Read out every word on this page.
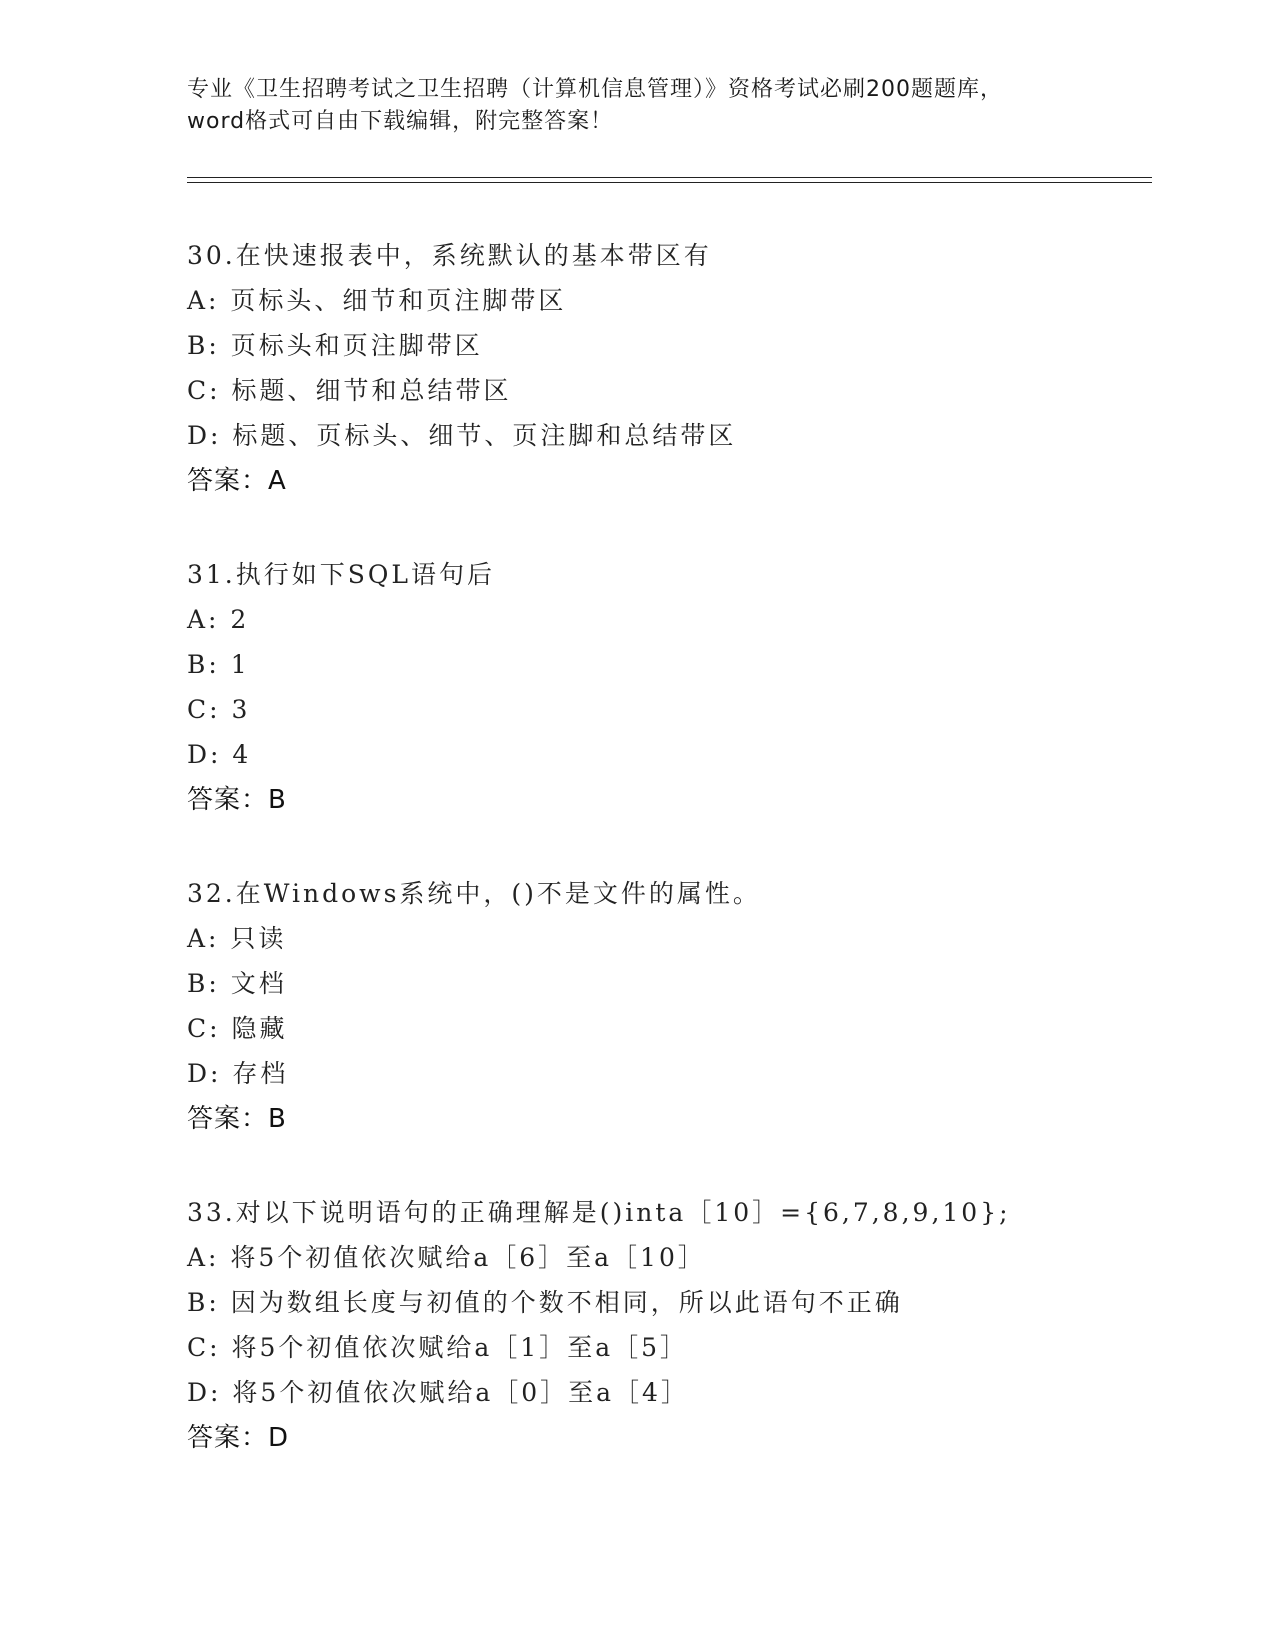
专业《卫生招聘考试之卫生招聘（计算机信息管理）》资格考试必刷200题题库，
word格式可自由下载编辑，附完整答案！
30.在快速报表中，系统默认的基本带区有
A: 页标头、细节和页注脚带区
B: 页标头和页注脚带区
C: 标题、细节和总结带区
D: 标题、页标头、细节、页注脚和总结带区
答案：A
31.执行如下SQL语句后
A: 2
B: 1
C: 3
D: 4
答案：B
32.在Windows系统中，()不是文件的属性。
A: 只读
B: 文档
C: 隐藏
D: 存档
答案：B
33.对以下说明语句的正确理解是()inta［10］={6,7,8,9,10};
A: 将5个初值依次赋给a［6］至a［10］
B: 因为数组长度与初值的个数不相同，所以此语句不正确
C: 将5个初值依次赋给a［1］至a［5］
D: 将5个初值依次赋给a［0］至a［4］
答案：D
